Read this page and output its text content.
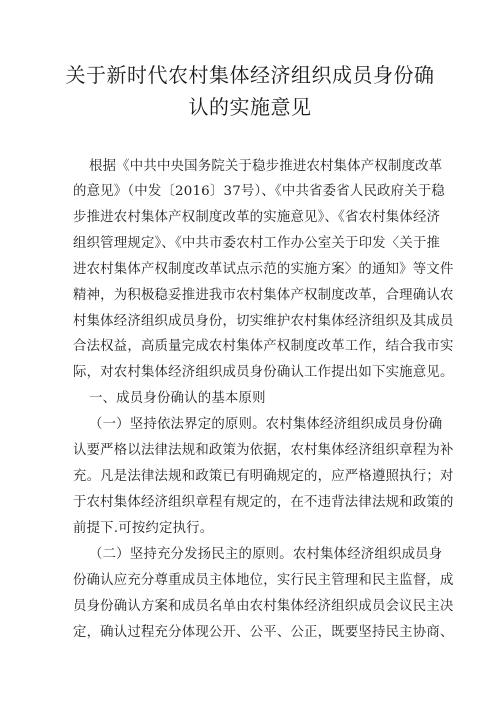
关于新时代农村集体经济组织成员身份确
认的实施意见
根据《中共中央国务院关于稳步推进农村集体产权制度改革
的意见》（中发〔2016〕37号）、《中共省委省人民政府关于稳
步推进农村集体产权制度改革的实施意见》、《省农村集体经济
组织管理规定》、《中共市委农村工作办公室关于印发〈关于推
进农村集体产权制度改革试点示范的实施方案〉的通知》等文件
精神，为积极稳妥推进我市农村集体产权制度改革，合理确认农
村集体经济组织成员身份，切实维护农村集体经济组织及其成员
合法权益，高质量完成农村集体产权制度改革工作，结合我市实
际，对农村集体经济组织成员身份确认工作提出如下实施意见。
一、成员身份确认的基本原则
（一）坚持依法界定的原则。农村集体经济组织成员身份确
认要严格以法律法规和政策为依据，农村集体经济组织章程为补
充。凡是法律法规和政策已有明确规定的，应严格遵照执行；对
于农村集体经济组织章程有规定的，在不违背法律法规和政策的
前提下.可按约定执行。
（二）坚持充分发扬民主的原则。农村集体经济组织成员身
份确认应充分尊重成员主体地位，实行民主管理和民主监督，成
员身份确认方案和成员名单由农村集体经济组织成员会议民主决
定，确认过程充分体现公开、公平、公正，既要坚持民主协商、
